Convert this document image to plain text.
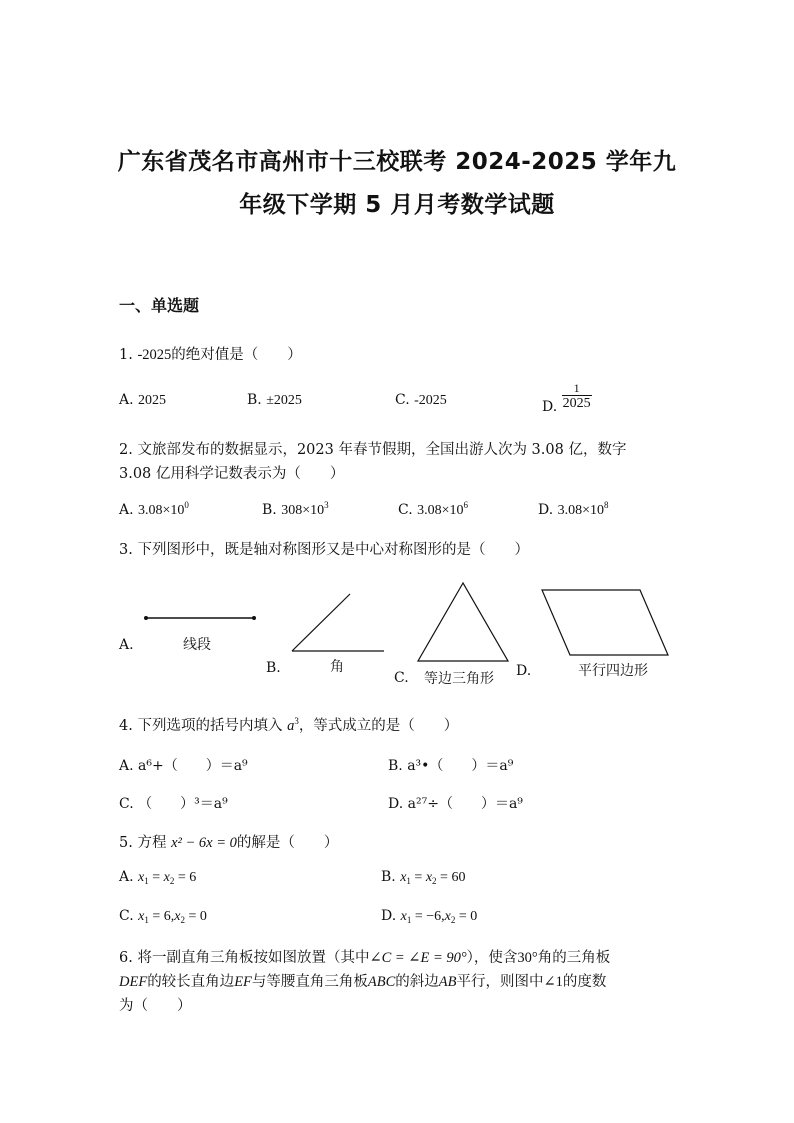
广东省茂名市高州市十三校联考 2024-2025 学年九
年级下学期 5 月月考数学试题
一、单选题
1. -2025的绝对值是（　　）
A. 2025	B. ±2025	C. -2025	D. $\frac{1}{2025}$
2. 文旅部发布的数据显示，2023 年春节假期，全国出游人次为 3.08 亿，数字
3.08 亿用科学记数表示为（　　）
A. $3.08\times 10^0$	B. $308\times 10^3$	C. $3.08\times 10^6$	D. $3.08\times 10^8$
3. 下列图形中，既是轴对称图形又是中心对称图形的是（　　）
A.	线段
B.	角
C. 等边三角形 D.	平行四边形
4. 下列选项的括号内填入 $a^3$，等式成立的是（　　）
A. a⁶+（　　）＝a⁹	B. a³•（　　）＝a⁹
C. （　　）³＝a⁹	D. a²⁷÷（　　）＝a⁹
5. 方程 x² − 6x = 0的解是（　　）
A. $x_1 = x_2 = 6$	B. $x_1 = x_2 = 60$
C. $x_1 = 6,x_2 = 0$	D. $x_1 = -6,x_2 = 0$
6. 将一副直角三角板按如图放置（其中∠C = ∠E = 90°），使含30°角的三角板
DEF的较长直角边EF与等腰直角三角板ABC的斜边AB平行，则图中∠1的度数
为（　　）
